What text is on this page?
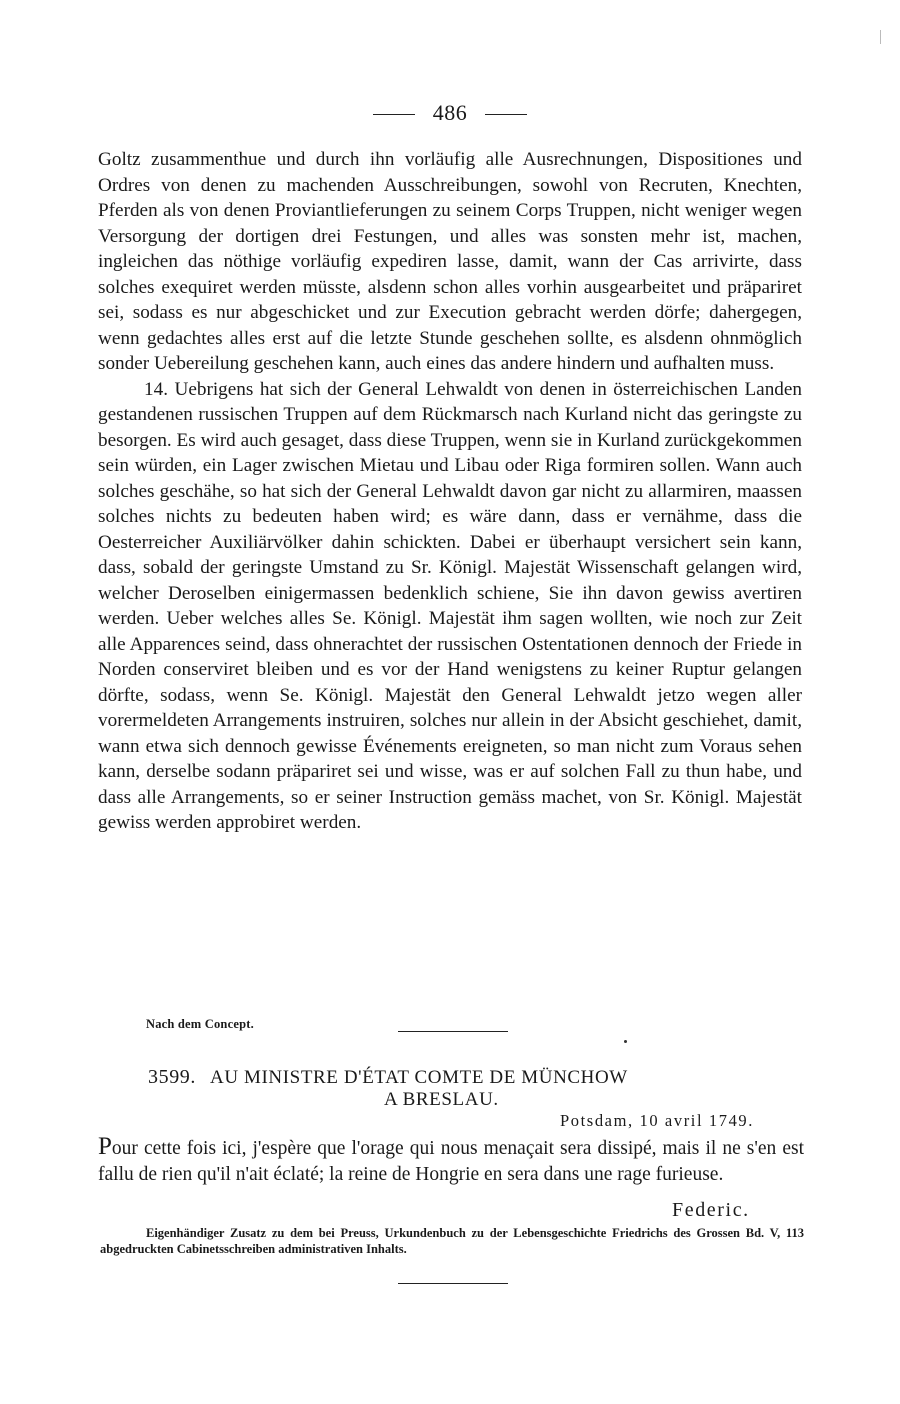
486

Goltz zusammenthue und durch ihn vorläufig alle Ausrechnungen, Dispositiones und Ordres von denen zu machenden Ausschreibungen, sowohl von Recruten, Knechten, Pferden als von denen Proviantlieferungen zu seinem Corps Truppen, nicht weniger wegen Versorgung der dortigen drei Festungen, und alles was sonsten mehr ist, machen, ingleichen das nöthige vorläufig expediren lasse, damit, wann der Cas arrivirte, dass solches exequiret werden müsste, alsdenn schon alles vorhin ausgearbeitet und präpariret sei, sodass es nur abgeschicket und zur Execution gebracht werden dörfe; dahergegen, wenn gedachtes alles erst auf die letzte Stunde geschehen sollte, es alsdenn ohnmöglich sonder Uebereilung geschehen kann, auch eines das andere hindern und aufhalten muss.

14. Uebrigens hat sich der General Lehwaldt von denen in österreichischen Landen gestandenen russischen Truppen auf dem Rückmarsch nach Kurland nicht das geringste zu besorgen. Es wird auch gesaget, dass diese Truppen, wenn sie in Kurland zurückgekommen sein würden, ein Lager zwischen Mietau und Libau oder Riga formiren sollen. Wann auch solches geschähe, so hat sich der General Lehwaldt davon gar nicht zu allarmiren, maassen solches nichts zu bedeuten haben wird; es wäre dann, dass er vernähme, dass die Oesterreicher Auxiliärvölker dahin schickten. Dabei er überhaupt versichert sein kann, dass, sobald der geringste Umstand zu Sr. Königl. Majestät Wissenschaft gelangen wird, welcher Deroselben einigermassen bedenklich schiene, Sie ihn davon gewiss avertiren werden. Ueber welches alles Se. Königl. Majestät ihm sagen wollten, wie noch zur Zeit alle Apparences seind, dass ohnerachtet der russischen Ostentationen dennoch der Friede in Norden conserviret bleiben und es vor der Hand wenigstens zu keiner Ruptur gelangen dörfte, sodass, wenn Se. Königl. Majestät den General Lehwaldt jetzo wegen aller vorermeldeten Arrangements instruiren, solches nur allein in der Absicht geschiehet, damit, wann etwa sich dennoch gewisse Événements ereigneten, so man nicht zum Voraus sehen kann, derselbe sodann präpariret sei und wisse, was er auf solchen Fall zu thun habe, und dass alle Arrangements, so er seiner Instruction gemäss machet, von Sr. Königl. Majestät gewiss werden approbiret werden.

Nach dem Concept.
3599. AU MINISTRE D'ÉTAT COMTE DE MÜNCHOW
A BRESLAU.
Potsdam, 10 avril 1749.
Pour cette fois ici, j'espère que l'orage qui nous menaçait sera dissipé, mais il ne s'en est fallu de rien qu'il n'ait éclaté; la reine de Hongrie en sera dans une rage furieuse.
Federic.

Eigenhändiger Zusatz zu dem bei Preuss, Urkundenbuch zu der Lebensgeschichte Friedrichs des Grossen Bd. V, 113 abgedruckten Cabinetsschreiben administrativen Inhalts.
